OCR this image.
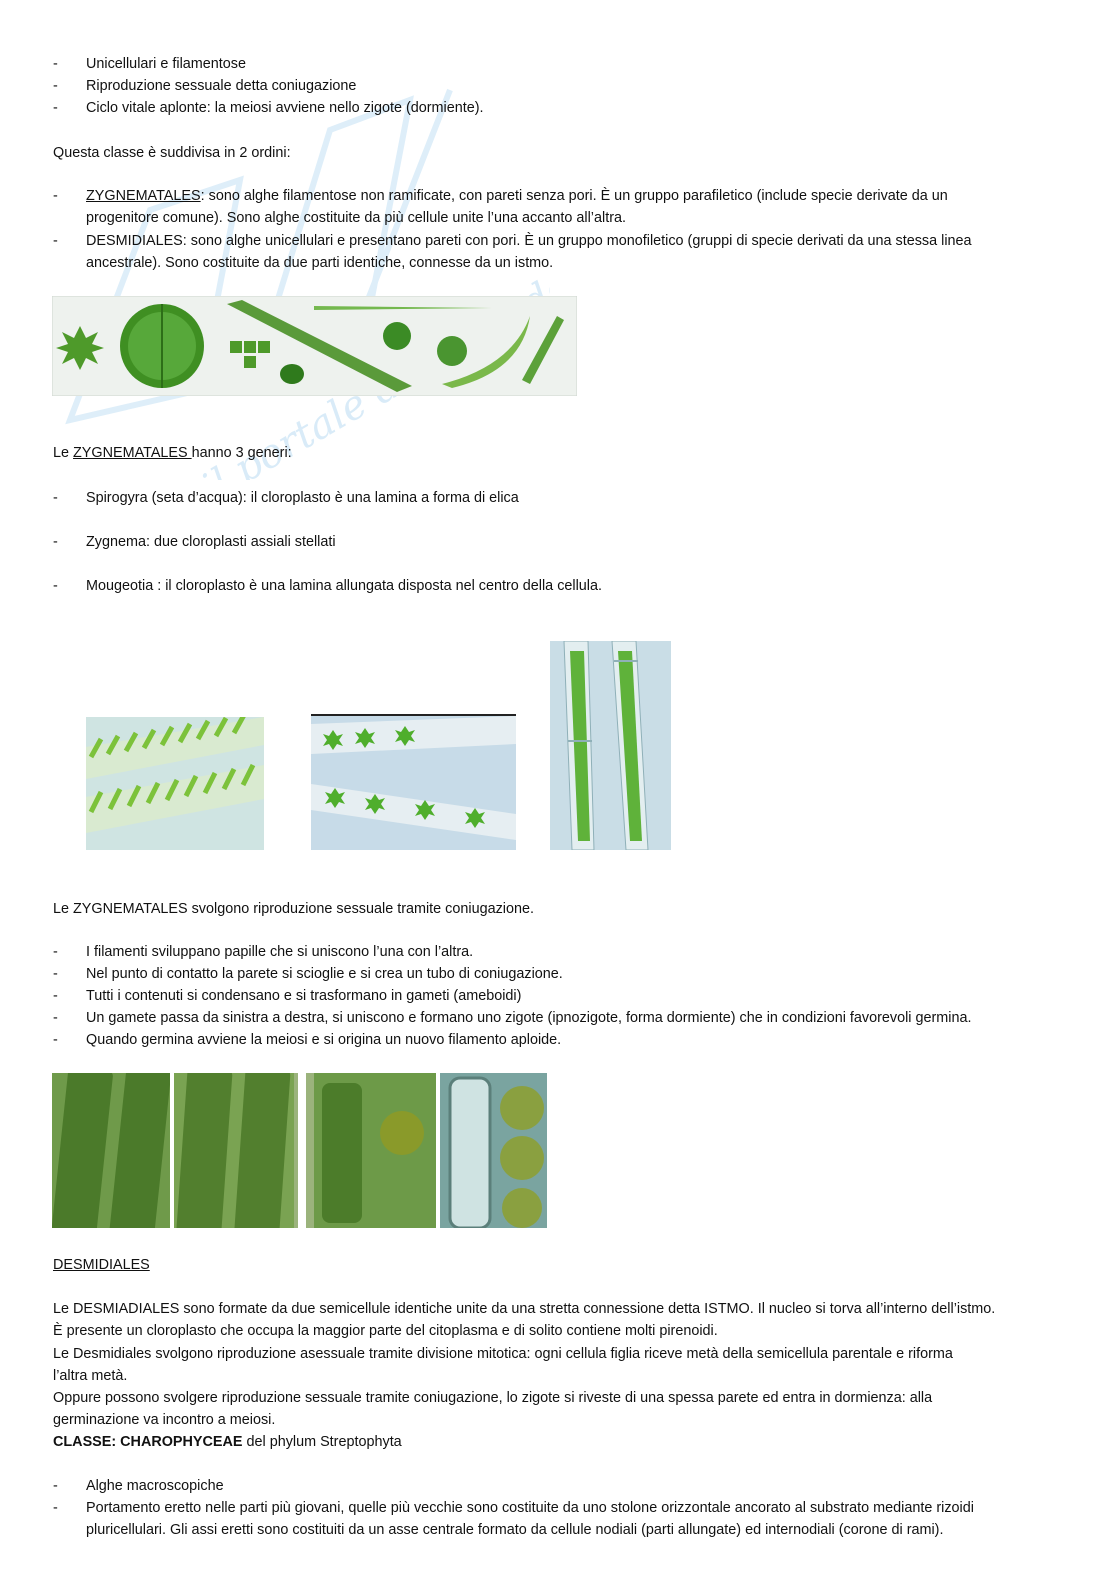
-	Unicellulari e filamentose
-	Riproduzione sessuale detta coniugazione
-	Ciclo vitale aplonte: la meiosi avviene nello zigote (dormiente).
Questa classe è suddivisa in 2 ordini:
-	ZYGNEMATALES: sono alghe filamentose non ramificate, con pareti senza pori. È un gruppo parafiletico (include specie derivate da un
progenitore comune). Sono alghe costituite da più cellule unite l’una accanto all’altra.
-	DESMIDIALES: sono alghe unicellulari e presentano pareti con pori. È un gruppo monofiletico (gruppi di specie derivati da una stessa linea
ancestrale). Sono costituite da due parti identiche, connesse da un istmo.
Le ZYGNEMATALES hanno 3 generi:
-	Spirogyra (seta d’acqua): il cloroplasto è una lamina a forma di elica
-	Zygnema: due cloroplasti assiali stellati
-	Mougeotia : il cloroplasto è una lamina allungata disposta nel centro della cellula.
Le ZYGNEMATALES svolgono riproduzione sessuale tramite coniugazione.
-	I filamenti sviluppano papille che si uniscono l’una con l’altra.
-	Nel punto di contatto la parete si scioglie e si crea un tubo di coniugazione.
-	Tutti i contenuti si condensano e si trasformano in gameti (ameboidi)
-	Un gamete passa da sinistra a destra, si uniscono e formano uno zigote (ipnozigote, forma dormiente) che in condizioni favorevoli germina.
-	Quando germina avviene la meiosi e si origina un nuovo filamento aploide.
DESMIDIALES
Le DESMIADIALES sono formate da due semicellule identiche unite da una stretta connessione detta ISTMO. Il nucleo si torva all’interno dell’istmo.
È presente un cloroplasto che occupa la maggior parte del citoplasma e di solito contiene molti pirenoidi.
Le Desmidiales svolgono riproduzione asessuale tramite divisione mitotica: ogni cellula figlia riceve metà della semicellula parentale e riforma
l’altra metà.
Oppure possono svolgere riproduzione sessuale tramite coniugazione, lo zigote si riveste di una spessa parete ed entra in dormienza: alla
germinazione va incontro a meiosi.
CLASSE: CHAROPHYCEAE del phylum Streptophyta
-	Alghe macroscopiche
-	Portamento eretto nelle parti più giovani, quelle più vecchie sono costituite da uno stolone orizzontale ancorato al substrato mediante rizoidi
pluricellulari. Gli assi eretti sono costituiti da un asse centrale formato da cellule nodiali (parti allungate) ed internodiali (corone di rami).
